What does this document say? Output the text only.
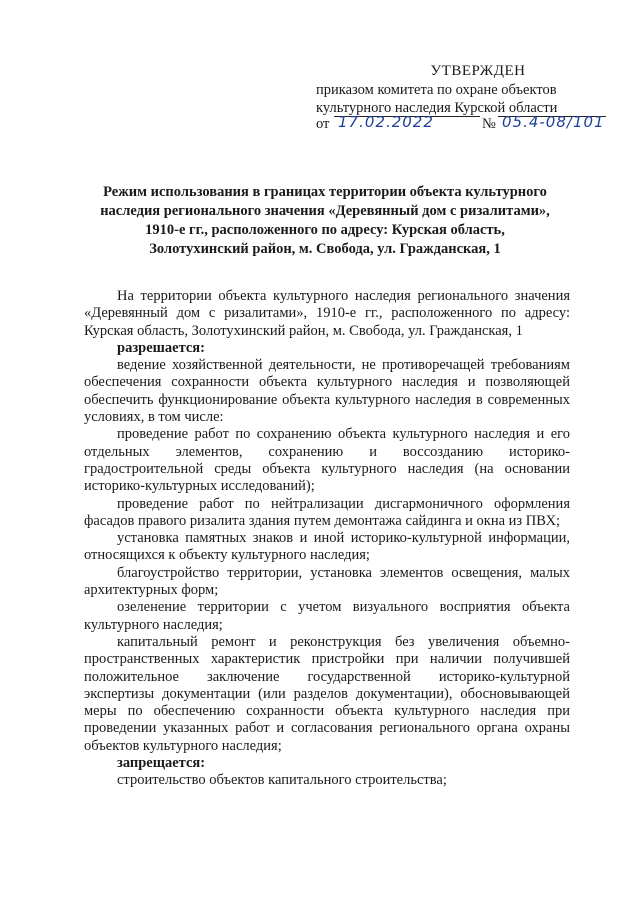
УТВЕРЖДЕН
приказом комитета по охране объектов
культурного наследия Курской области
от 17.02.2022	№ 05.4-08/101
Режим использования в границах территории объекта культурного
наследия регионального значения «Деревянный дом с ризалитами»,
1910-е гг., расположенного по адресу: Курская область,
Золотухинский район, м. Свобода, ул. Гражданская, 1

На территории объекта культурного наследия регионального значения «Деревянный дом с ризалитами», 1910-е гг., расположенного по адресу: Курская область, Золотухинский район, м. Свобода, ул. Гражданская, 1

разрешается:

ведение хозяйственной деятельности, не противоречащей требованиям обеспечения сохранности объекта культурного наследия и позволяющей обеспечить функционирование объекта культурного наследия в современных условиях, в том числе:

проведение работ по сохранению объекта культурного наследия и его отдельных элементов, сохранению и воссозданию историко-градостроительной среды объекта культурного наследия (на основании историко-культурных исследований);

проведение работ по нейтрализации дисгармоничного оформления фасадов правого ризалита здания путем демонтажа сайдинга и окна из ПВХ;

установка памятных знаков и иной историко-культурной информации, относящихся к объекту культурного наследия;

благоустройство территории, установка элементов освещения, малых архитектурных форм;

озеленение территории с учетом визуального восприятия объекта культурного наследия;

капитальный ремонт и реконструкция без увеличения объемно-пространственных характеристик пристройки при наличии получившей положительное заключение государственной историко-культурной экспертизы документации (или разделов документации), обосновывающей меры по обеспечению сохранности объекта культурного наследия при проведении указанных работ и согласования регионального органа охраны объектов культурного наследия;

запрещается:

строительство объектов капитального строительства;
